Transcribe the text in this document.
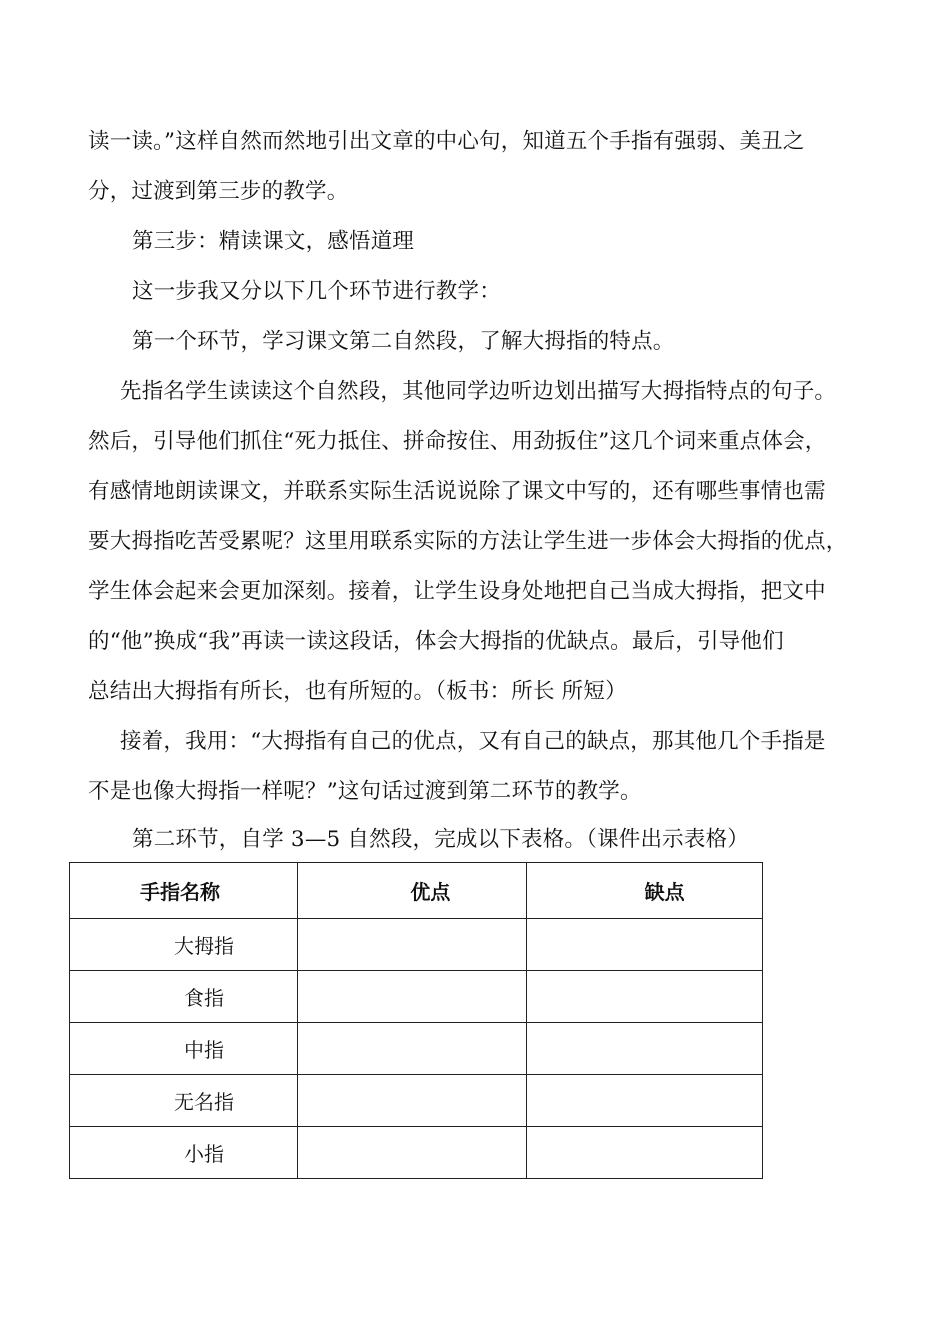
读一读。”这样自然而然地引出文章的中心句，知道五个手指有强弱、美丑之
分，过渡到第三步的教学。
第三步：精读课文，感悟道理
这一步我又分以下几个环节进行教学：
第一个环节，学习课文第二自然段，了解大拇指的特点。
先指名学生读读这个自然段，其他同学边听边划出描写大拇指特点的句子。
然后，引导他们抓住“死力抵住、拼命按住、用劲扳住”这几个词来重点体会，
有感情地朗读课文，并联系实际生活说说除了课文中写的，还有哪些事情也需
要大拇指吃苦受累呢？这里用联系实际的方法让学生进一步体会大拇指的优点，
学生体会起来会更加深刻。接着，让学生设身处地把自己当成大拇指，把文中
的“他”换成“我”再读一读这段话，体会大拇指的优缺点。最后，引导他们
总结出大拇指有所长，也有所短的。（板书：所长 所短）
接着，我用：“大拇指有自己的优点，又有自己的缺点，那其他几个手指是
不是也像大拇指一样呢？”这句话过渡到第二环节的教学。
第二环节，自学 3—5 自然段，完成以下表格。（课件出示表格）
手指名称	优点	缺点
大拇指		
食指		
中指		
无名指		
小指		
